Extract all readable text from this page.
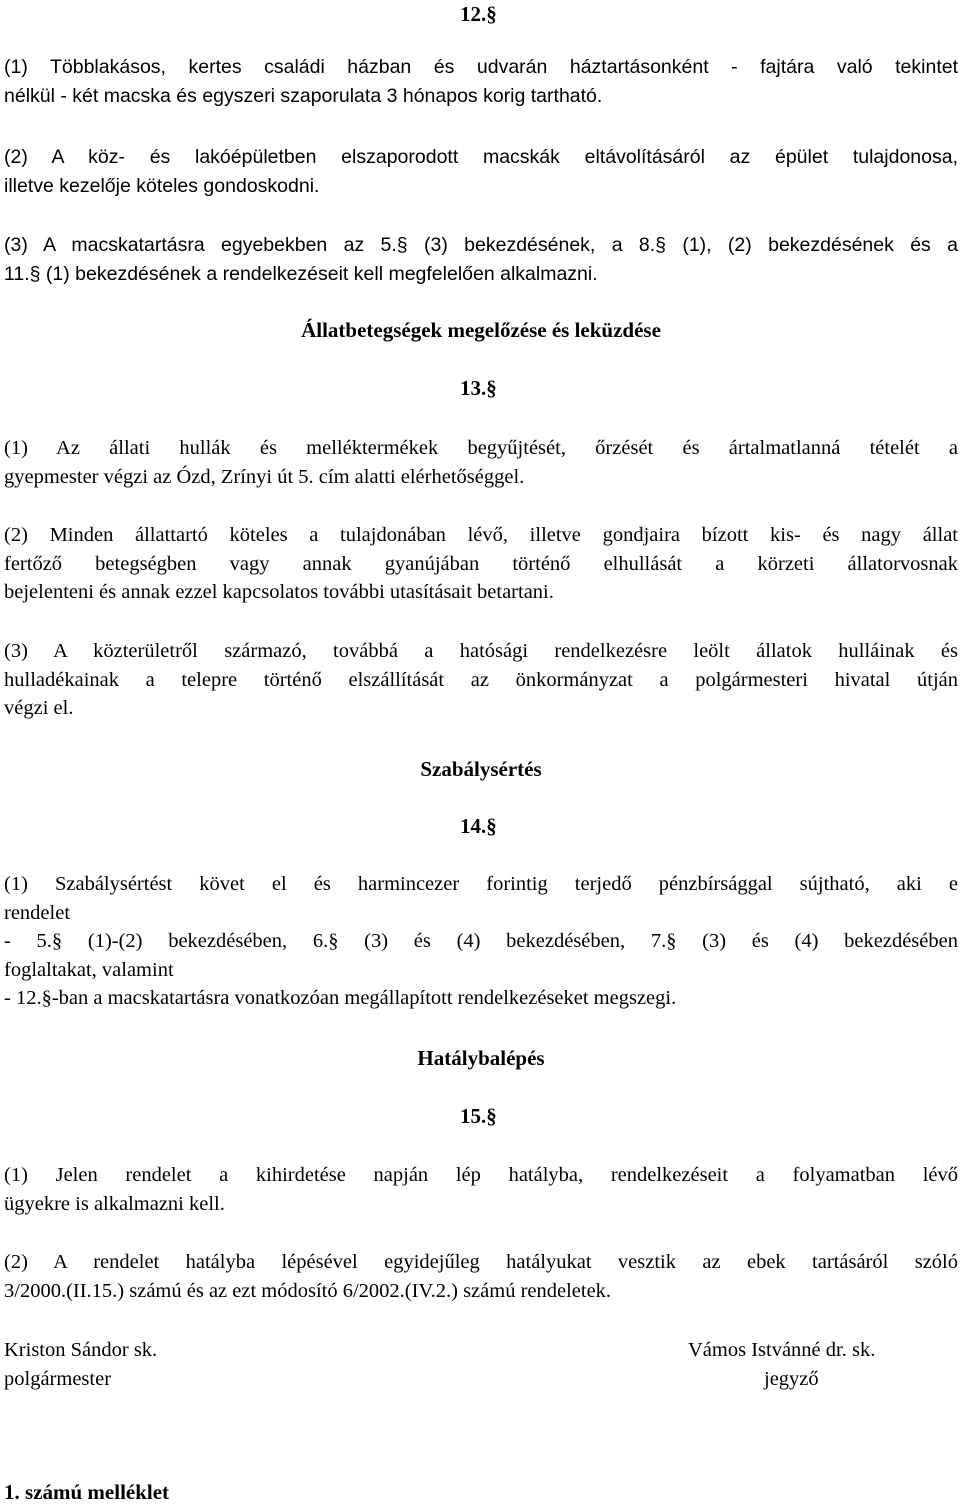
12.§
(1) Többlakásos, kertes családi házban és udvarán háztartásonként - fajtára való tekintet
nélkül - két macska és egyszeri szaporulata 3 hónapos korig tartható.
(2) A köz- és lakóépületben elszaporodott macskák eltávolításáról az épület tulajdonosa,
illetve kezelője köteles gondoskodni.
(3) A macskatartásra egyebekben az 5.§ (3) bekezdésének, a 8.§ (1), (2) bekezdésének és a
11.§ (1) bekezdésének a rendelkezéseit kell megfelelően alkalmazni.
Állatbetegségek megelőzése és leküzdése
13.§
(1) Az állati hullák és melléktermékek begyűjtését, őrzését és ártalmatlanná tételét a
gyepmester végzi az Ózd, Zrínyi út 5. cím alatti elérhetőséggel.
(2) Minden állattartó köteles a tulajdonában lévő, illetve gondjaira bízott kis- és nagy állat
fertőző betegségben vagy annak gyanújában történő elhullását a körzeti állatorvosnak
bejelenteni és annak ezzel kapcsolatos további utasításait betartani.
(3) A közterületről származó, továbbá a hatósági rendelkezésre leölt állatok hulláinak és
hulladékainak a telepre történő elszállítását az önkormányzat a polgármesteri hivatal útján
végzi el.
Szabálysértés
14.§
(1) Szabálysértést követ el és harmincezer forintig terjedő pénzbírsággal sújtható, aki e
rendelet
- 5.§ (1)-(2) bekezdésében, 6.§ (3) és (4) bekezdésében, 7.§ (3) és (4) bekezdésében
foglaltakat, valamint
- 12.§-ban a macskatartásra vonatkozóan megállapított rendelkezéseket megszegi.
Hatálybalépés
15.§
(1) Jelen rendelet a kihirdetése napján lép hatályba, rendelkezéseit a folyamatban lévő
ügyekre is alkalmazni kell.
(2) A rendelet hatályba lépésével egyidejűleg hatályukat vesztik az ebek tartásáról szóló
3/2000.(II.15.) számú és az ezt módosító 6/2002.(IV.2.) számú rendeletek.
Kriston Sándor sk.
polgármester
Vámos Istvánné dr. sk.
jegyző
1. számú melléklet
